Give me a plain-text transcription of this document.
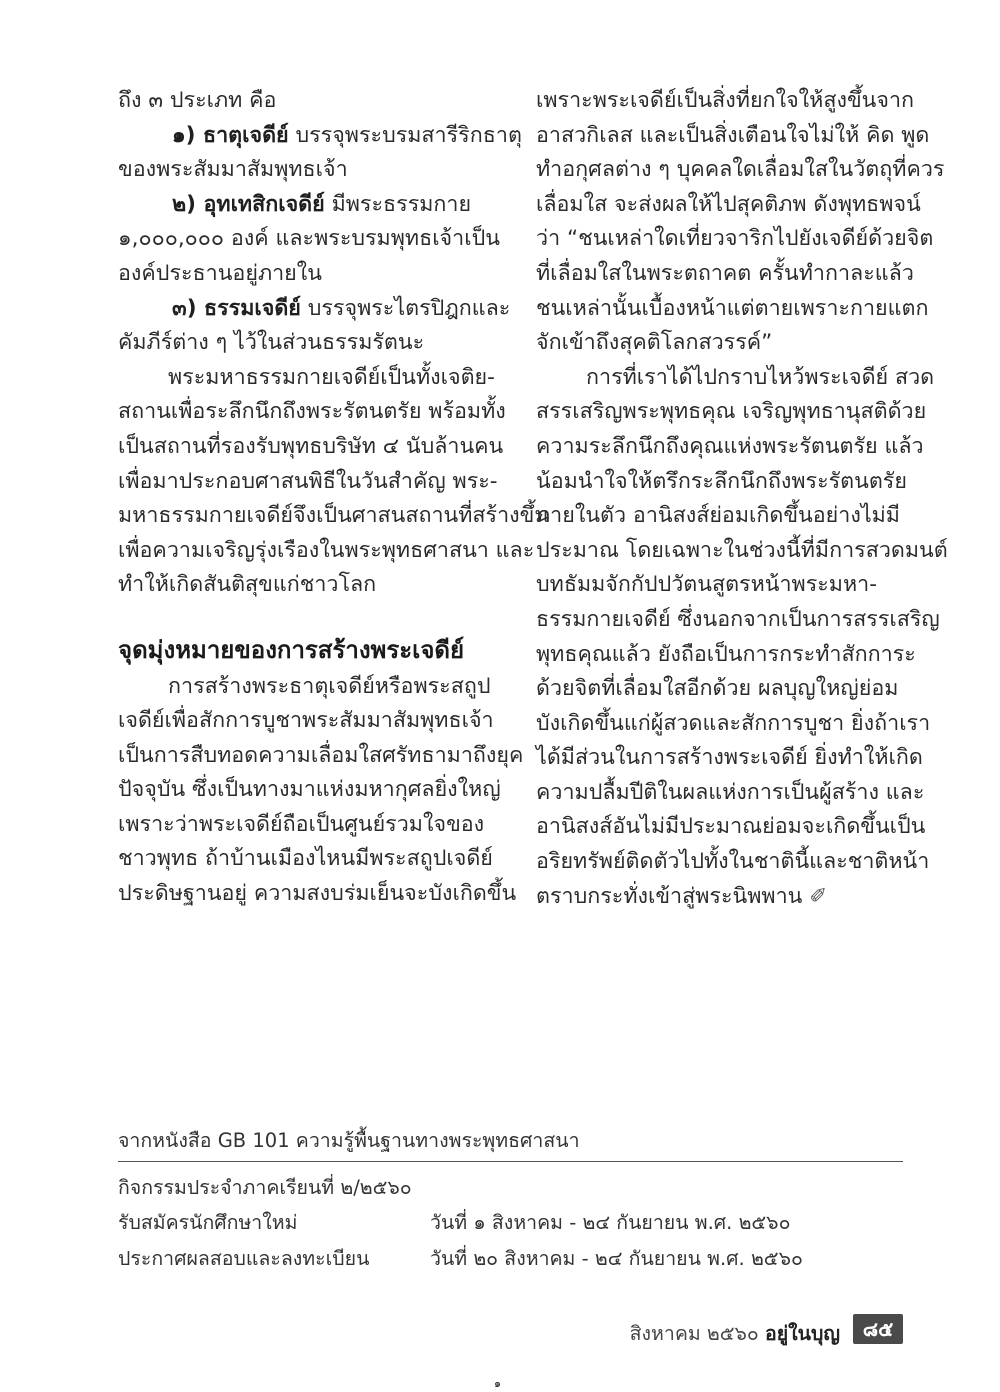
ถึง ๓ ประเภท คือ
๑) ธาตุเจดีย์ บรรจุพระบรมสารีริกธาตุ
ของพระสัมมาสัมพุทธเจ้า
๒) อุทเทสิกเจดีย์ มีพระธรรมกาย
๑,๐๐๐,๐๐๐ องค์ และพระบรมพุทธเจ้าเป็น
องค์ประธานอยู่ภายใน
๓) ธรรมเจดีย์ บรรจุพระไตรปิฎกและ
คัมภีร์ต่าง ๆ ไว้ในส่วนธรรมรัตนะ
พระมหาธรรมกายเจดีย์เป็นทั้งเจติย-
สถานเพื่อระลึกนึกถึงพระรัตนตรัย พร้อมทั้ง
เป็นสถานที่รองรับพุทธบริษัท ๔ นับล้านคน
เพื่อมาประกอบศาสนพิธีในวันสำคัญ พระ-
มหาธรรมกายเจดีย์จึงเป็นศาสนสถานที่สร้างขึ้น
เพื่อความเจริญรุ่งเรืองในพระพุทธศาสนา และ
ทำให้เกิดสันติสุขแก่ชาวโลก
จุดมุ่งหมายของการสร้างพระเจดีย์
การสร้างพระธาตุเจดีย์หรือพระสถูป
เจดีย์เพื่อสักการบูชาพระสัมมาสัมพุทธเจ้า
เป็นการสืบทอดความเลื่อมใสศรัทธามาถึงยุค
ปัจจุบัน ซึ่งเป็นทางมาแห่งมหากุศลยิ่งใหญ่
เพราะว่าพระเจดีย์ถือเป็นศูนย์รวมใจของ
ชาวพุทธ ถ้าบ้านเมืองไหนมีพระสถูปเจดีย์
ประดิษฐานอยู่ ความสงบร่มเย็นจะบังเกิดขึ้น
เพราะพระเจดีย์เป็นสิ่งที่ยกใจให้สูงขึ้นจาก
อาสวกิเลส และเป็นสิ่งเตือนใจไม่ให้ คิด พูด
ทำอกุศลต่าง ๆ บุคคลใดเลื่อมใสในวัตถุที่ควร
เลื่อมใส จะส่งผลให้ไปสุคติภพ ดังพุทธพจน์
ว่า “ชนเหล่าใดเที่ยวจาริกไปยังเจดีย์ด้วยจิต
ที่เลื่อมใสในพระตถาคต ครั้นทำกาละแล้ว
ชนเหล่านั้นเบื้องหน้าแต่ตายเพราะกายแตก
จักเข้าถึงสุคติโลกสวรรค์”
การที่เราได้ไปกราบไหว้พระเจดีย์ สวด
สรรเสริญพระพุทธคุณ เจริญพุทธานุสติด้วย
ความระลึกนึกถึงคุณแห่งพระรัตนตรัย แล้ว
น้อมนำใจให้ตรึกระลึกนึกถึงพระรัตนตรัย
ภายในตัว อานิสงส์ย่อมเกิดขึ้นอย่างไม่มี
ประมาณ โดยเฉพาะในช่วงนี้ที่มีการสวดมนต์
บทธัมมจักกัปปวัตนสูตรหน้าพระมหา-
ธรรมกายเจดีย์ ซึ่งนอกจากเป็นการสรรเสริญ
พุทธคุณแล้ว ยังถือเป็นการกระทำสักการะ
ด้วยจิตที่เลื่อมใสอีกด้วย ผลบุญใหญ่ย่อม
บังเกิดขึ้นแก่ผู้สวดและสักการบูชา ยิ่งถ้าเรา
ได้มีส่วนในการสร้างพระเจดีย์ ยิ่งทำให้เกิด
ความปลื้มปีติในผลแห่งการเป็นผู้สร้าง และ
อานิสงส์อันไม่มีประมาณย่อมจะเกิดขึ้นเป็น
อริยทรัพย์ติดตัวไปทั้งในชาตินี้และชาติหน้า
ตราบกระทั่งเข้าสู่พระนิพพาน ✐
จากหนังสือ GB 101 ความรู้พื้นฐานทางพระพุทธศาสนา
กิจกรรมประจำภาคเรียนที่ ๒/๒๕๖๐
รับสมัครนักศึกษาใหม่	วันที่ ๑ สิงหาคม - ๒๔ กันยายน พ.ศ. ๒๕๖๐
ประกาศผลสอบและลงทะเบียน	วันที่ ๒๐ สิงหาคม - ๒๔ กันยายน พ.ศ. ๒๕๖๐
สิงหาคม ๒๕๖๐ อยู่ในบุญ	๘๕
๑
